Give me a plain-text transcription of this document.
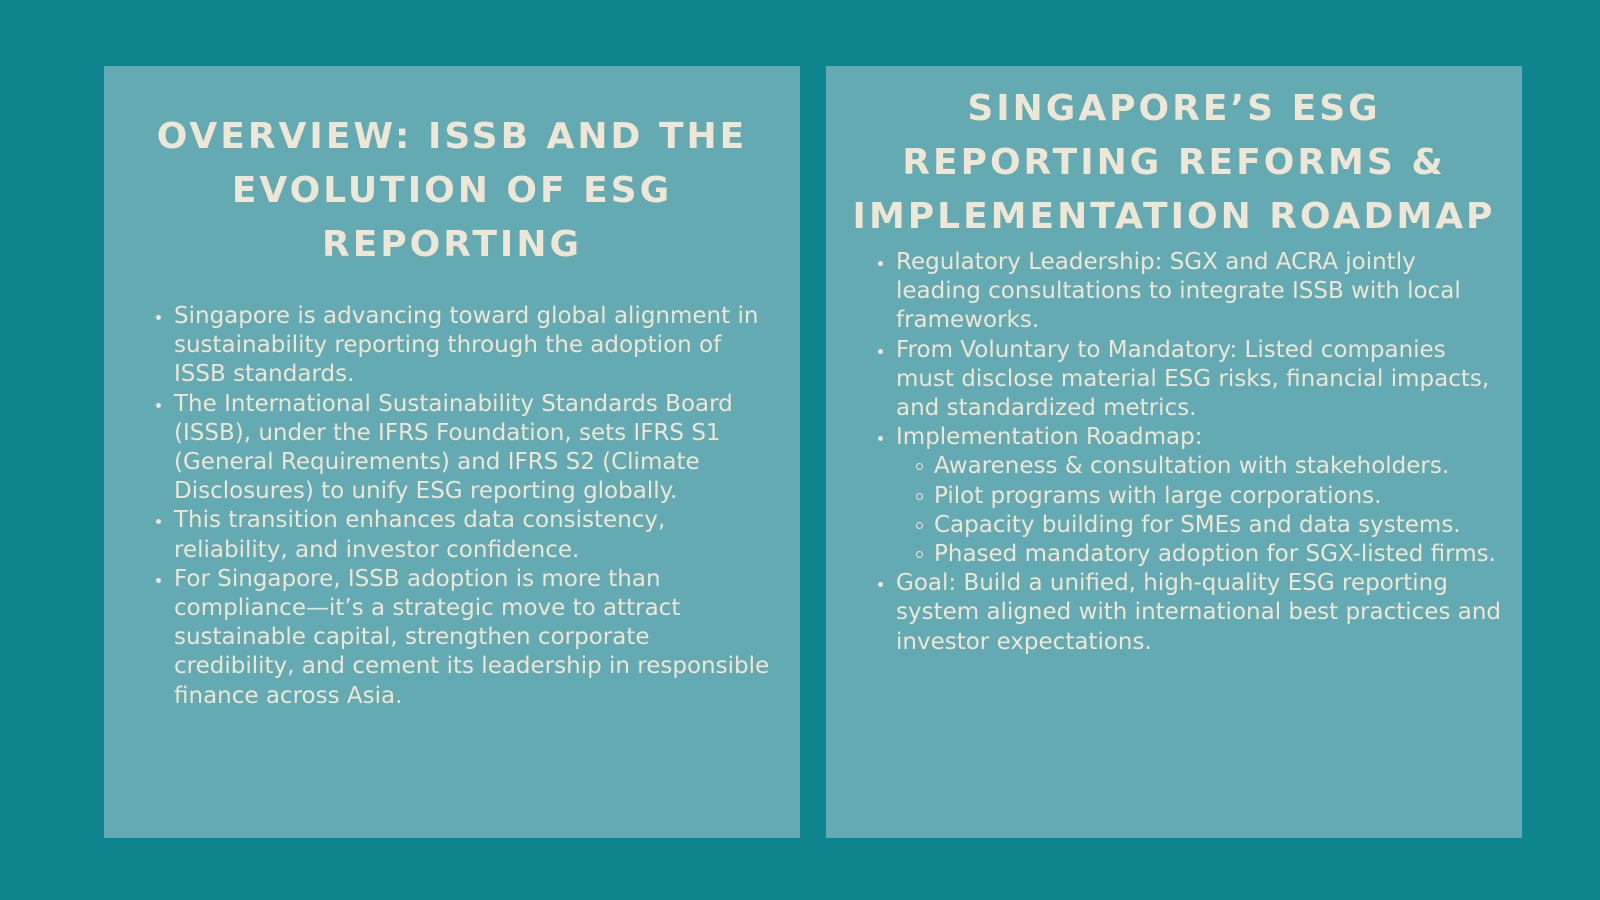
OVERVIEW: ISSB AND THE EVOLUTION OF ESG REPORTING
Singapore is advancing toward global alignment in sustainability reporting through the adoption of ISSB standards.
The International Sustainability Standards Board (ISSB), under the IFRS Foundation, sets IFRS S1 (General Requirements) and IFRS S2 (Climate Disclosures) to unify ESG reporting globally.
This transition enhances data consistency, reliability, and investor confidence.
For Singapore, ISSB adoption is more than compliance—it’s a strategic move to attract sustainable capital, strengthen corporate credibility, and cement its leadership in responsible finance across Asia.
SINGAPORE’S ESG REPORTING REFORMS & IMPLEMENTATION ROADMAP
Regulatory Leadership: SGX and ACRA jointly leading consultations to integrate ISSB with local frameworks.
From Voluntary to Mandatory: Listed companies must disclose material ESG risks, financial impacts, and standardized metrics.
Implementation Roadmap:
Awareness & consultation with stakeholders.
Pilot programs with large corporations.
Capacity building for SMEs and data systems.
Phased mandatory adoption for SGX-listed firms.
Goal: Build a unified, high-quality ESG reporting system aligned with international best practices and investor expectations.
